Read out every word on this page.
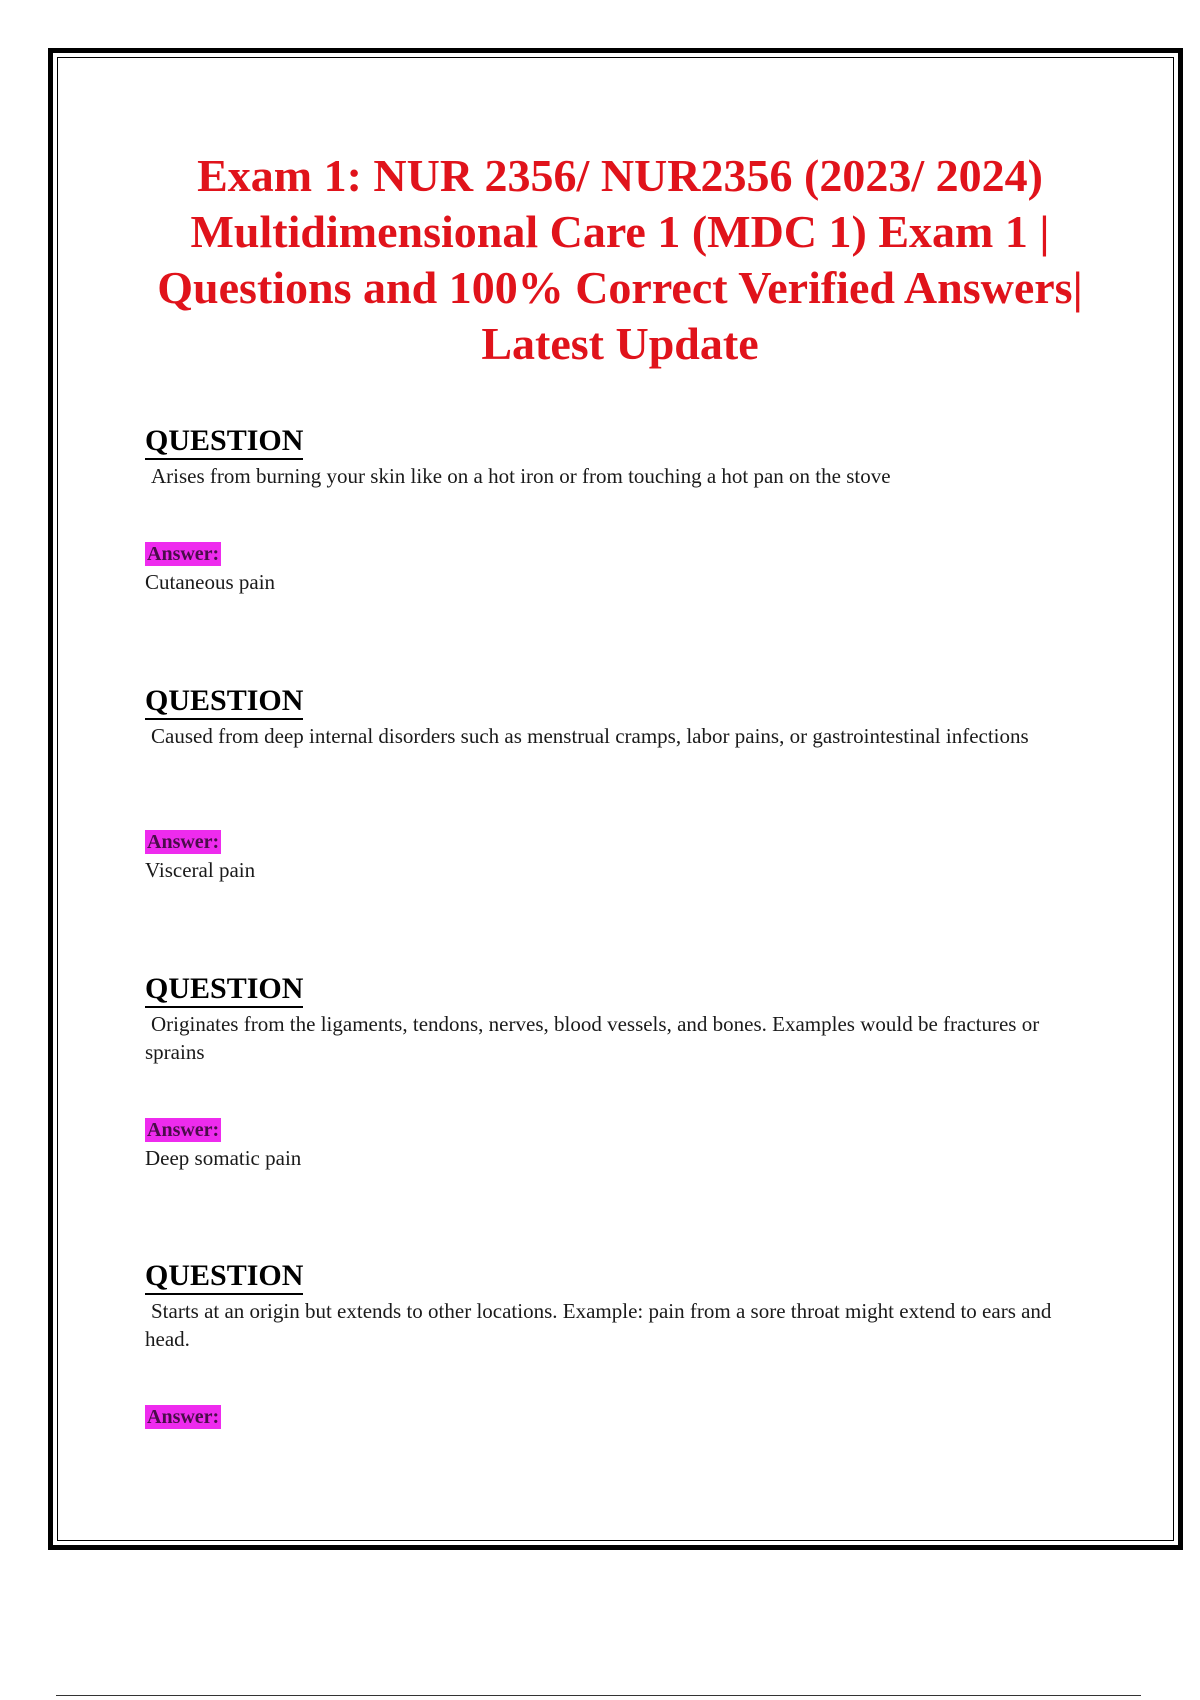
Exam 1: NUR 2356/ NUR2356 (2023/ 2024) Multidimensional Care 1 (MDC 1) Exam 1 | Questions and 100% Correct Verified Answers| Latest Update
QUESTION

Arises from burning your skin like on a hot iron or from touching a hot pan on the stove

Answer:

Cutaneous pain

QUESTION

Caused from deep internal disorders such as menstrual cramps, labor pains, or gastrointestinal infections

Answer:

Visceral pain

QUESTION

Originates from the ligaments, tendons, nerves, blood vessels, and bones. Examples would be fractures or sprains

Answer:

Deep somatic pain

QUESTION

Starts at an origin but extends to other locations. Example: pain from a sore throat might extend to ears and head.

Answer:
